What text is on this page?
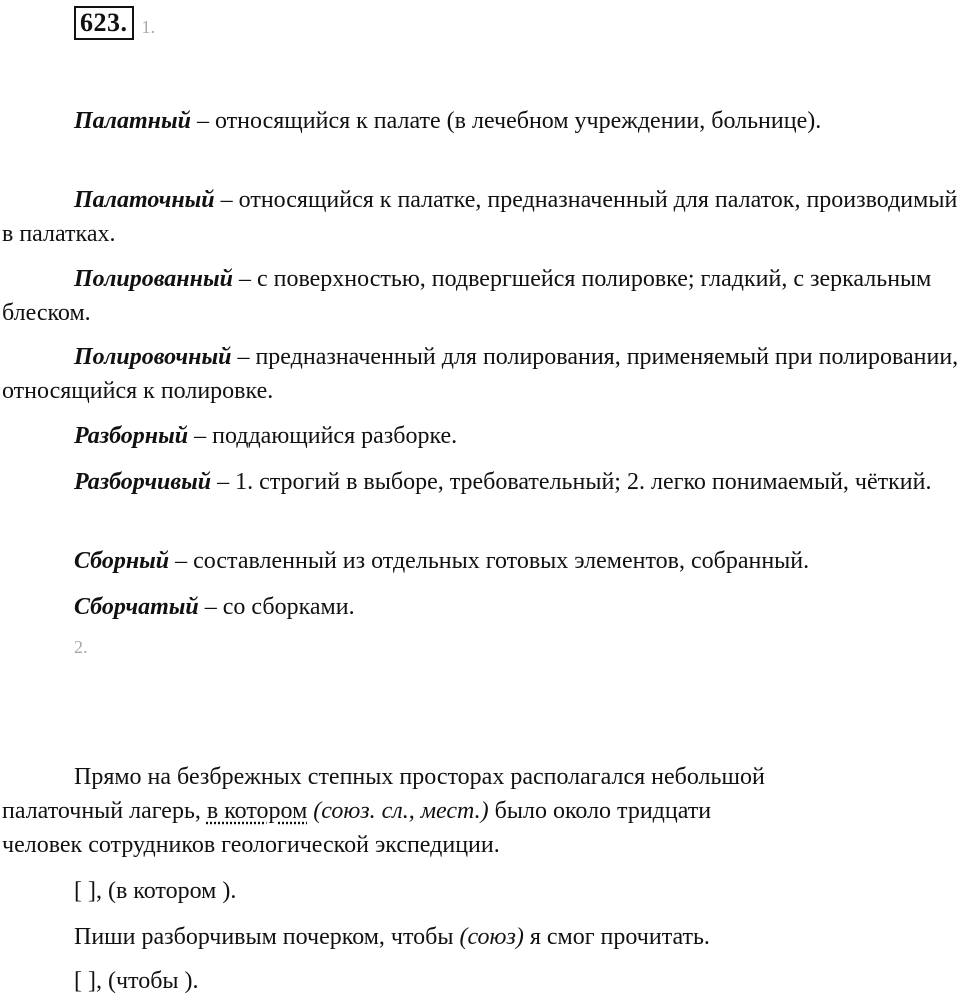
623. 1.

Палатный – относящийся к палате (в лечебном учреждении, больнице).

Палаточный – относящийся к палатке, предназначенный для палаток, производимый в палатках.

Полированный – с поверхностью, подвергшейся полировке; гладкий, с зеркальным блеском.

Полировочный – предназначенный для полирования, применяемый при полировании, относящийся к полировке.

Разборный – поддающийся разборке.

Разборчивый – 1. строгий в выборе, требовательный; 2. легко понимаемый, чёткий.

Сборный – составленный из отдельных готовых элементов, собранный.

Сборчатый – со сборками.

2.

Прямо на безбрежных степных просторах располагался небольшой
палаточный лагерь, в котором (союз. сл., мест.) было около тридцати
человек сотрудников геологической экспедиции.

[ ], (в котором ).

Пиши разборчивым почерком, чтобы (союз) я смог прочитать.

[ ], (чтобы ).
